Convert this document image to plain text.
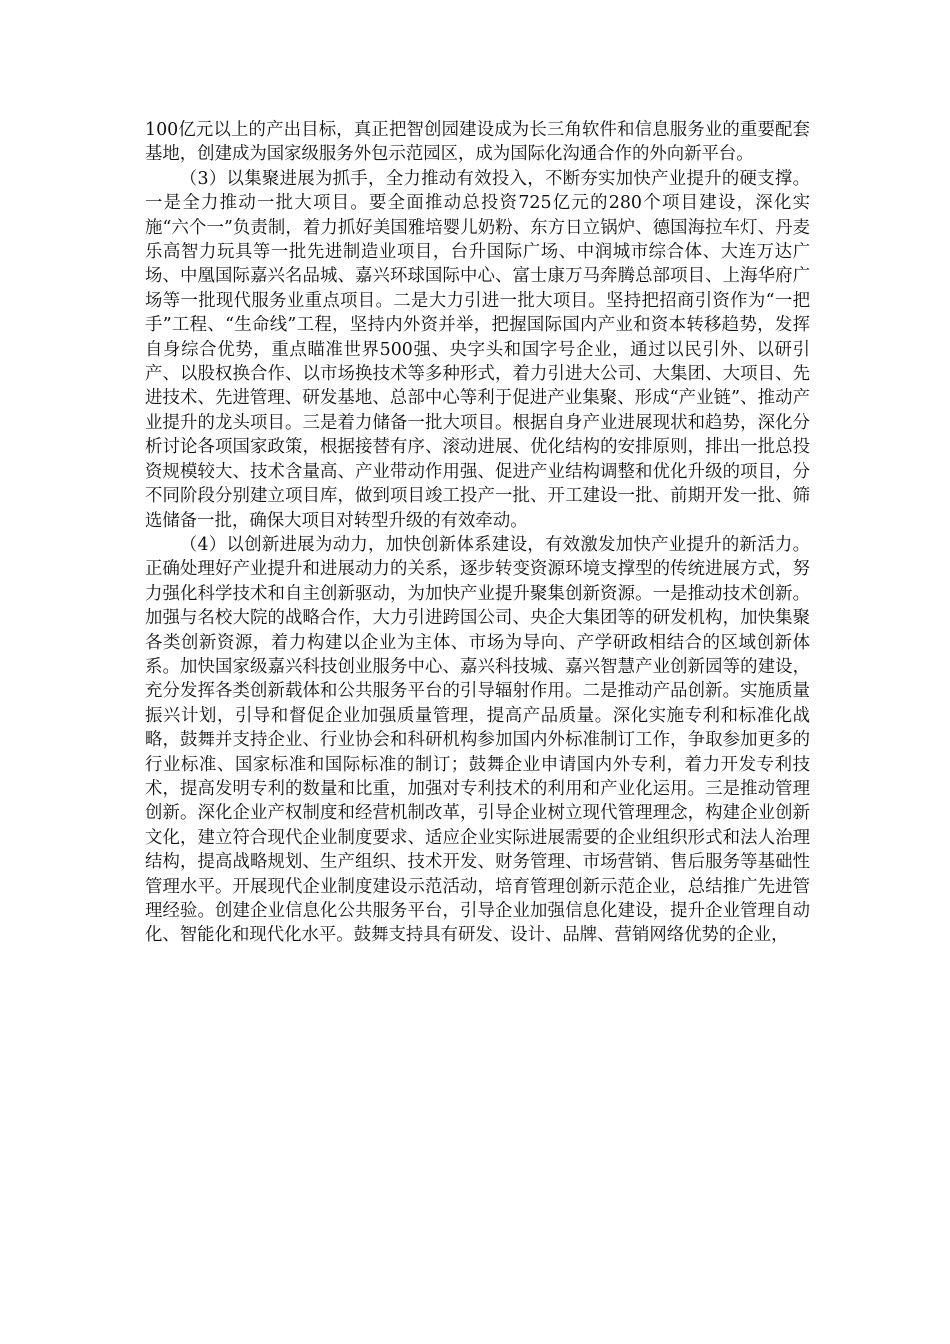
100亿元以上的产出目标，真正把智创园建设成为长三角软件和信息服务业的重要配套基地，创建成为国家级服务外包示范园区，成为国际化沟通合作的外向新平台。

（3）以集聚进展为抓手，全力推动有效投入，不断夯实加快产业提升的硬支撑。一是全力推动一批大项目。要全面推动总投资725亿元的280个项目建设，深化实施“六个一”负责制，着力抓好美国雅培婴儿奶粉、东方日立锅炉、德国海拉车灯、丹麦乐高智力玩具等一批先进制造业项目，台升国际广场、中润城市综合体、大连万达广场、中凰国际嘉兴名品城、嘉兴环球国际中心、富士康万马奔腾总部项目、上海华府广场等一批现代服务业重点项目。二是大力引进一批大项目。坚持把招商引资作为“一把手”工程、“生命线”工程，坚持内外资并举，把握国际国内产业和资本转移趋势，发挥自身综合优势，重点瞄准世界500强、央字头和国字号企业，通过以民引外、以研引产、以股权换合作、以市场换技术等多种形式，着力引进大公司、大集团、大项目、先进技术、先进管理、研发基地、总部中心等利于促进产业集聚、形成“产业链”、推动产业提升的龙头项目。三是着力储备一批大项目。根据自身产业进展现状和趋势，深化分析讨论各项国家政策，根据接替有序、滚动进展、优化结构的安排原则，排出一批总投资规模较大、技术含量高、产业带动作用强、促进产业结构调整和优化升级的项目，分不同阶段分别建立项目库，做到项目竣工投产一批、开工建设一批、前期开发一批、筛选储备一批，确保大项目对转型升级的有效牵动。

（4）以创新进展为动力，加快创新体系建设，有效激发加快产业提升的新活力。正确处理好产业提升和进展动力的关系，逐步转变资源环境支撑型的传统进展方式，努力强化科学技术和自主创新驱动，为加快产业提升聚集创新资源。一是推动技术创新。加强与名校大院的战略合作，大力引进跨国公司、央企大集团等的研发机构，加快集聚各类创新资源，着力构建以企业为主体、市场为导向、产学研政相结合的区域创新体系。加快国家级嘉兴科技创业服务中心、嘉兴科技城、嘉兴智慧产业创新园等的建设，充分发挥各类创新载体和公共服务平台的引导辐射作用。二是推动产品创新。实施质量振兴计划，引导和督促企业加强质量管理，提高产品质量。深化实施专利和标准化战略，鼓舞并支持企业、行业协会和科研机构参加国内外标准制订工作，争取参加更多的行业标准、国家标准和国际标准的制订；鼓舞企业申请国内外专利，着力开发专利技术，提高发明专利的数量和比重，加强对专利技术的利用和产业化运用。三是推动管理创新。深化企业产权制度和经营机制改革，引导企业树立现代管理理念，构建企业创新文化，建立符合现代企业制度要求、适应企业实际进展需要的企业组织形式和法人治理结构，提高战略规划、生产组织、技术开发、财务管理、市场营销、售后服务等基础性管理水平。开展现代企业制度建设示范活动，培育管理创新示范企业，总结推广先进管理经验。创建企业信息化公共服务平台，引导企业加强信息化建设，提升企业管理自动化、智能化和现代化水平。鼓舞支持具有研发、设计、品牌、营销网络优势的企业，
